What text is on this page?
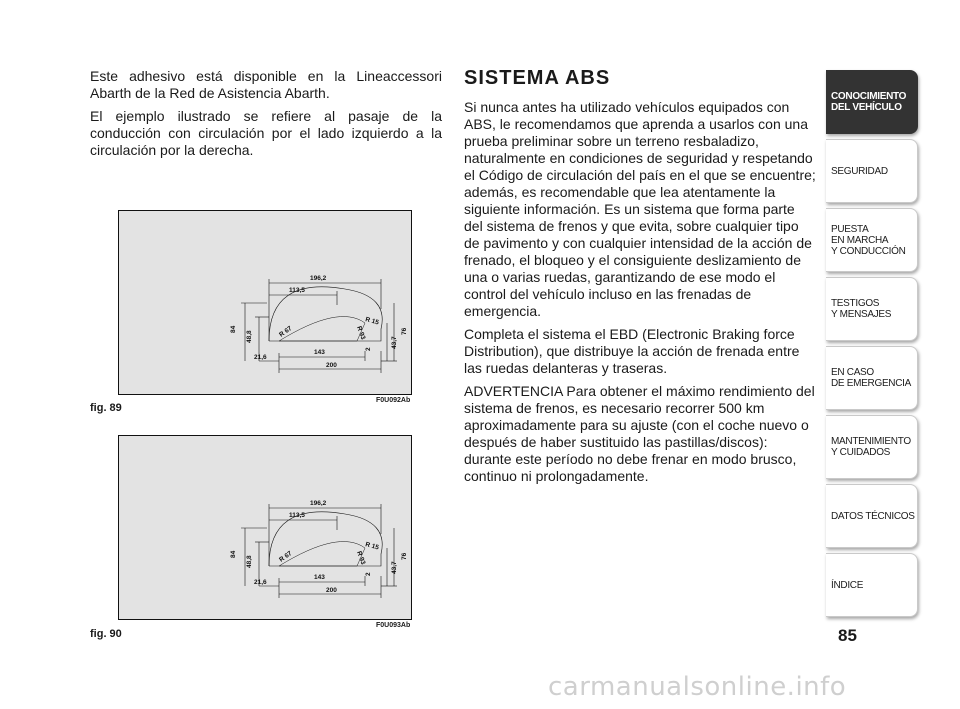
Este adhesivo está disponible en la Lineaccessori Abarth de la Red de Asistencia Abarth.

El ejemplo ilustrado se refiere al pasaje de la conducción con circulación por el lado izquierdo a la circulación por la derecha.

196,2
113,5
84
48,8
21,6
143
200
R 67	R 93
R 15
43,7
76
2
fig. 89
F0U092Ab
196,2
113,5
84
48,8
21,6
143
200
R 67	R 93
R 15
43,7
76
2
fig. 90
F0U093Ab
SISTEMA ABS

Si nunca antes ha utilizado vehículos equipados con ABS, le recomendamos que aprenda a usarlos con una prueba preliminar sobre un terreno resbaladizo, naturalmente en condiciones de seguridad y respetando el Código de circulación del país en el que se encuentre; además, es recomendable que lea atentamente la siguiente información. Es un sistema que forma parte del sistema de frenos y que evita, sobre cualquier tipo de pavimento y con cualquier intensidad de la acción de frenado, el bloqueo y el consiguiente deslizamiento de una o varias ruedas, garantizando de ese modo el control del vehículo incluso en las frenadas de emergencia.

Completa el sistema el EBD (Electronic Braking force Distribution), que distribuye la acción de frenada entre las ruedas delanteras y traseras.

ADVERTENCIA Para obtener el máximo rendimiento del sistema de frenos, es necesario recorrer 500 km aproximadamente para su ajuste (con el coche nuevo o después de haber sustituido las pastillas/discos): durante este período no debe frenar en modo brusco, continuo ni prolongadamente.

CONOCIMIENTO
DEL VEHÍCULO
SEGURIDAD
PUESTA
EN MARCHA
Y CONDUCCIÓN
TESTIGOS
Y MENSAJES
EN CASO
DE EMERGENCIA
MANTENIMIENTO
Y CUIDADOS
DATOS TÉCNICOS
ÍNDICE
85
carmanualsonline.info
